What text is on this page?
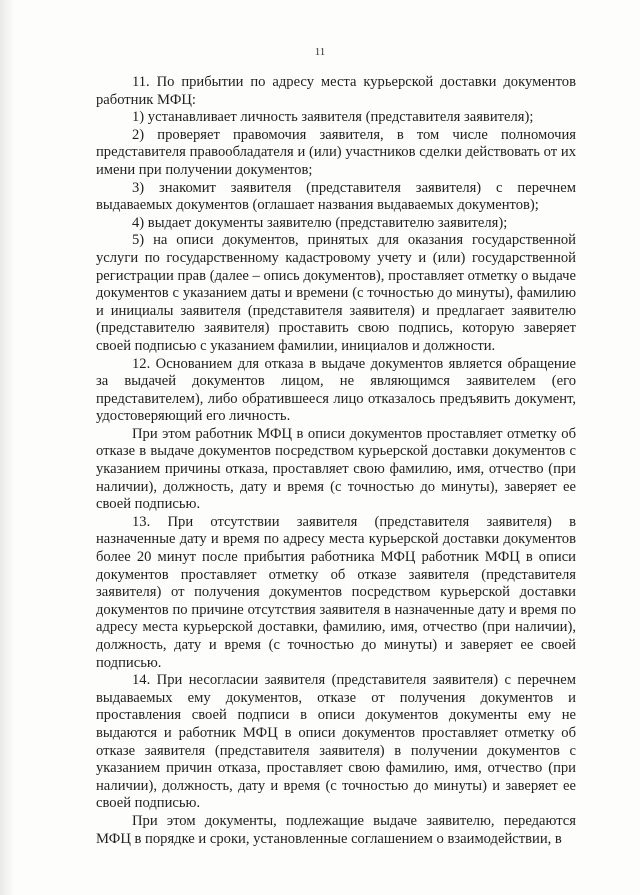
11

11. По прибытии по адресу места курьерской доставки документов работник МФЦ:

1) устанавливает личность заявителя (представителя заявителя);

2) проверяет правомочия заявителя, в том числе полномочия представителя правообладателя и (или) участников сделки действовать от их имени при получении документов;

3) знакомит заявителя (представителя заявителя) с перечнем выдаваемых документов (оглашает названия выдаваемых документов);

4) выдает документы заявителю (представителю заявителя);

5) на описи документов, принятых для оказания государственной услуги по государственному кадастровому учету и (или) государственной регистрации прав (далее – опись документов), проставляет отметку о выдаче документов с указанием даты и времени (с точностью до минуты), фамилию и инициалы заявителя (представителя заявителя) и предлагает заявителю (представителю заявителя) проставить свою подпись, которую заверяет своей подписью с указанием фамилии, инициалов и должности.

12. Основанием для отказа в выдаче документов является обращение за выдачей документов лицом, не являющимся заявителем (его представителем), либо обратившееся лицо отказалось предъявить документ, удостоверяющий его личность.

При этом работник МФЦ в описи документов проставляет отметку об отказе в выдаче документов посредством курьерской доставки документов с указанием причины отказа, проставляет свою фамилию, имя, отчество (при наличии), должность, дату и время (с точностью до минуты), заверяет ее своей подписью.

13. При отсутствии заявителя (представителя заявителя) в назначенные дату и время по адресу места курьерской доставки документов более 20 минут после прибытия работника МФЦ работник МФЦ в описи документов проставляет отметку об отказе заявителя (представителя заявителя) от получения документов посредством курьерской доставки документов по причине отсутствия заявителя в назначенные дату и время по адресу места курьерской доставки, фамилию, имя, отчество (при наличии), должность, дату и время (с точностью до минуты) и заверяет ее своей подписью.

14. При несогласии заявителя (представителя заявителя) с перечнем выдаваемых ему документов, отказе от получения документов и проставления своей подписи в описи документов документы ему не выдаются и работник МФЦ в описи документов проставляет отметку об отказе заявителя (представителя заявителя) в получении документов с указанием причин отказа, проставляет свою фамилию, имя, отчество (при наличии), должность, дату и время (с точностью до минуты) и заверяет ее своей подписью.

При этом документы, подлежащие выдаче заявителю, передаются МФЦ в порядке и сроки, установленные соглашением о взаимодействии, в
